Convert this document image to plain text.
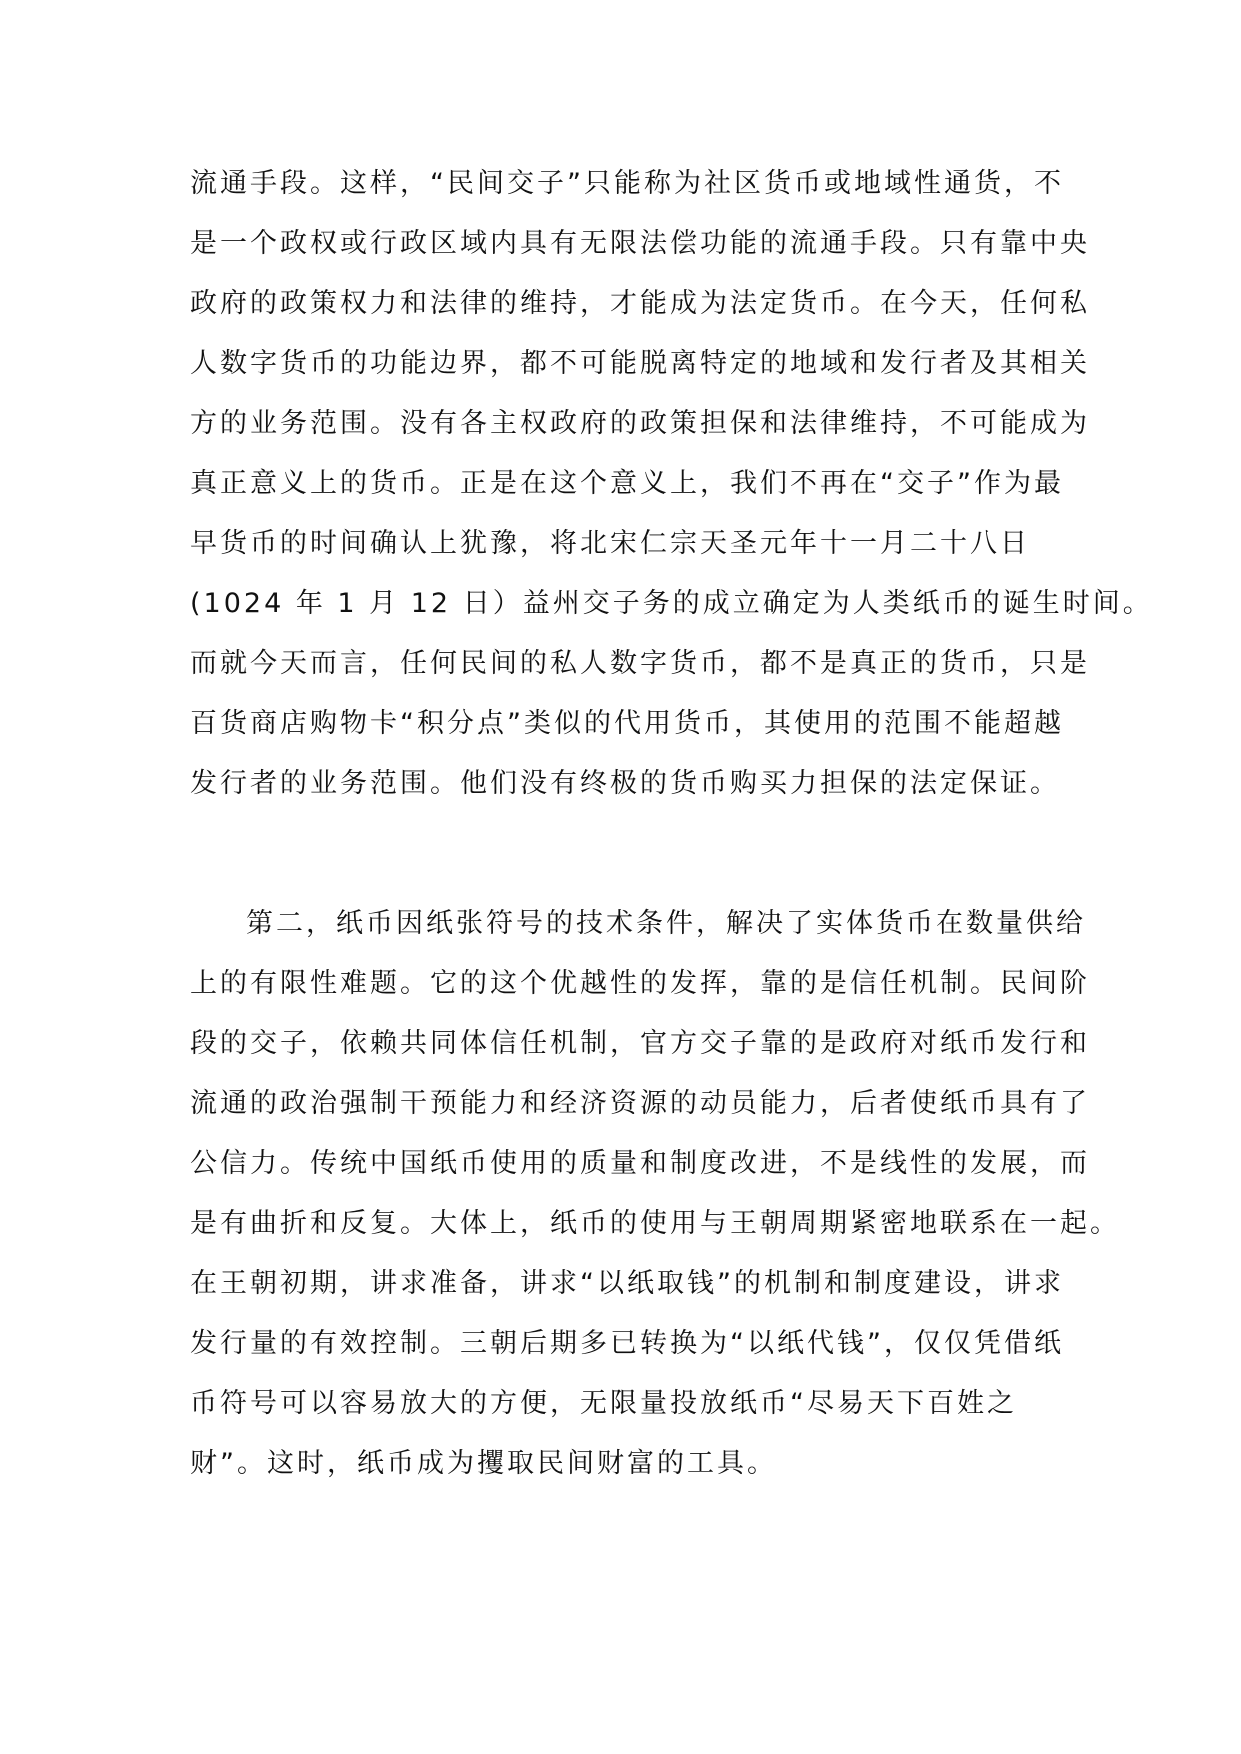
流通手段。这样，“民间交子”只能称为社区货币或地域性通货，不
是一个政权或行政区域内具有无限法偿功能的流通手段。只有靠中央
政府的政策权力和法律的维持，才能成为法定货币。在今天，任何私
人数字货币的功能边界，都不可能脱离特定的地域和发行者及其相关
方的业务范围。没有各主权政府的政策担保和法律维持，不可能成为
真正意义上的货币。正是在这个意义上，我们不再在“交子”作为最
早货币的时间确认上犹豫，将北宋仁宗天圣元年十一月二十八日
(1024 年 1 月 12 日）益州交子务的成立确定为人类纸币的诞生时间。
而就今天而言，任何民间的私人数字货币，都不是真正的货币，只是
百货商店购物卡“积分点”类似的代用货币，其使用的范围不能超越
发行者的业务范围。他们没有终极的货币购买力担保的法定保证。
第二，纸币因纸张符号的技术条件，解决了实体货币在数量供给
上的有限性难题。它的这个优越性的发挥，靠的是信任机制。民间阶
段的交子，依赖共同体信任机制，官方交子靠的是政府对纸币发行和
流通的政治强制干预能力和经济资源的动员能力，后者使纸币具有了
公信力。传统中国纸币使用的质量和制度改进，不是线性的发展，而
是有曲折和反复。大体上，纸币的使用与王朝周期紧密地联系在一起。
在王朝初期，讲求准备，讲求“以纸取钱”的机制和制度建设，讲求
发行量的有效控制。三朝后期多已转换为“以纸代钱”，仅仅凭借纸
币符号可以容易放大的方便，无限量投放纸币“尽易天下百姓之
财”。这时，纸币成为攫取民间财富的工具。
